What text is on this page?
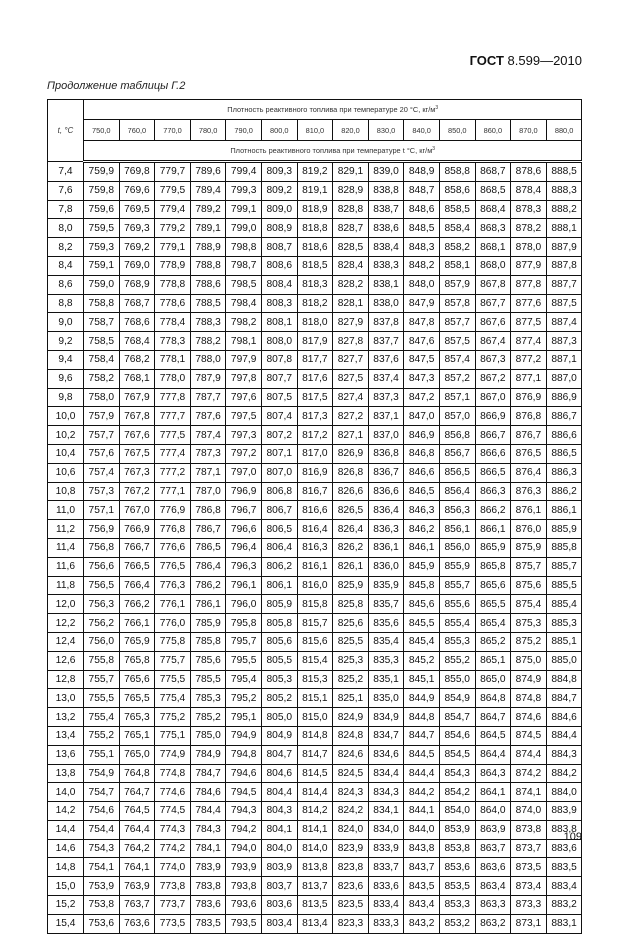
ГОСТ 8.599—2010
Продолжение таблицы Г.2
t, °C	Плотность реактивного топлива при температуре 20 °С, $кг/м^3$
	750,0	760,0	770,0	780,0	790,0	800,0	810,0	820,0	830,0	840,0	850,0	860,0	870,0	880,0
	Плотность реактивного топлива при температуре t °С, $кг/м^3$
7,4	759,9	769,8	779,7	789,6	799,4	809,3	819,2	829,1	839,0	848,9	858,8	868,7	878,6	888,5
7,6	759,8	769,6	779,5	789,4	799,3	809,2	819,1	828,9	838,8	848,7	858,6	868,5	878,4	888,3
7,8	759,6	769,5	779,4	789,2	799,1	809,0	818,9	828,8	838,7	848,6	858,5	868,4	878,3	888,2
8,0	759,5	769,3	779,2	789,1	799,0	808,9	818,8	828,7	838,6	848,5	858,4	868,3	878,2	888,1
8,2	759,3	769,2	779,1	788,9	798,8	808,7	818,6	828,5	838,4	848,3	858,2	868,1	878,0	887,9
8,4	759,1	769,0	778,9	788,8	798,7	808,6	818,5	828,4	838,3	848,2	858,1	868,0	877,9	887,8
8,6	759,0	768,9	778,8	788,6	798,5	808,4	818,3	828,2	838,1	848,0	857,9	867,8	877,8	887,7
8,8	758,8	768,7	778,6	788,5	798,4	808,3	818,2	828,1	838,0	847,9	857,8	867,7	877,6	887,5
9,0	758,7	768,6	778,4	788,3	798,2	808,1	818,0	827,9	837,8	847,8	857,7	867,6	877,5	887,4
9,2	758,5	768,4	778,3	788,2	798,1	808,0	817,9	827,8	837,7	847,6	857,5	867,4	877,4	887,3
9,4	758,4	768,2	778,1	788,0	797,9	807,8	817,7	827,7	837,6	847,5	857,4	867,3	877,2	887,1
9,6	758,2	768,1	778,0	787,9	797,8	807,7	817,6	827,5	837,4	847,3	857,2	867,2	877,1	887,0
9,8	758,0	767,9	777,8	787,7	797,6	807,5	817,5	827,4	837,3	847,2	857,1	867,0	876,9	886,9
10,0	757,9	767,8	777,7	787,6	797,5	807,4	817,3	827,2	837,1	847,0	857,0	866,9	876,8	886,7
10,2	757,7	767,6	777,5	787,4	797,3	807,2	817,2	827,1	837,0	846,9	856,8	866,7	876,7	886,6
10,4	757,6	767,5	777,4	787,3	797,2	807,1	817,0	826,9	836,8	846,8	856,7	866,6	876,5	886,5
10,6	757,4	767,3	777,2	787,1	797,0	807,0	816,9	826,8	836,7	846,6	856,5	866,5	876,4	886,3
10,8	757,3	767,2	777,1	787,0	796,9	806,8	816,7	826,6	836,6	846,5	856,4	866,3	876,3	886,2
11,0	757,1	767,0	776,9	786,8	796,7	806,7	816,6	826,5	836,4	846,3	856,3	866,2	876,1	886,1
11,2	756,9	766,9	776,8	786,7	796,6	806,5	816,4	826,4	836,3	846,2	856,1	866,1	876,0	885,9
11,4	756,8	766,7	776,6	786,5	796,4	806,4	816,3	826,2	836,1	846,1	856,0	865,9	875,9	885,8
11,6	756,6	766,5	776,5	786,4	796,3	806,2	816,1	826,1	836,0	845,9	855,9	865,8	875,7	885,7
11,8	756,5	766,4	776,3	786,2	796,1	806,1	816,0	825,9	835,9	845,8	855,7	865,6	875,6	885,5
12,0	756,3	766,2	776,1	786,1	796,0	805,9	815,8	825,8	835,7	845,6	855,6	865,5	875,4	885,4
12,2	756,2	766,1	776,0	785,9	795,8	805,8	815,7	825,6	835,6	845,5	855,4	865,4	875,3	885,3
12,4	756,0	765,9	775,8	785,8	795,7	805,6	815,6	825,5	835,4	845,4	855,3	865,2	875,2	885,1
12,6	755,8	765,8	775,7	785,6	795,5	805,5	815,4	825,3	835,3	845,2	855,2	865,1	875,0	885,0
12,8	755,7	765,6	775,5	785,5	795,4	805,3	815,3	825,2	835,1	845,1	855,0	865,0	874,9	884,8
13,0	755,5	765,5	775,4	785,3	795,2	805,2	815,1	825,1	835,0	844,9	854,9	864,8	874,8	884,7
13,2	755,4	765,3	775,2	785,2	795,1	805,0	815,0	824,9	834,9	844,8	854,7	864,7	874,6	884,6
13,4	755,2	765,1	775,1	785,0	794,9	804,9	814,8	824,8	834,7	844,7	854,6	864,5	874,5	884,4
13,6	755,1	765,0	774,9	784,9	794,8	804,7	814,7	824,6	834,6	844,5	854,5	864,4	874,4	884,3
13,8	754,9	764,8	774,8	784,7	794,6	804,6	814,5	824,5	834,4	844,4	854,3	864,3	874,2	884,2
14,0	754,7	764,7	774,6	784,6	794,5	804,4	814,4	824,3	834,3	844,2	854,2	864,1	874,1	884,0
14,2	754,6	764,5	774,5	784,4	794,3	804,3	814,2	824,2	834,1	844,1	854,0	864,0	874,0	883,9
14,4	754,4	764,4	774,3	784,3	794,2	804,1	814,1	824,0	834,0	844,0	853,9	863,9	873,8	883,8
14,6	754,3	764,2	774,2	784,1	794,0	804,0	814,0	823,9	833,9	843,8	853,8	863,7	873,7	883,6
14,8	754,1	764,1	774,0	783,9	793,9	803,9	813,8	823,8	833,7	843,7	853,6	863,6	873,5	883,5
15,0	753,9	763,9	773,8	783,8	793,8	803,7	813,7	823,6	833,6	843,5	853,5	863,4	873,4	883,4
15,2	753,8	763,7	773,7	783,6	793,6	803,6	813,5	823,5	833,4	843,4	853,3	863,3	873,3	883,2
15,4	753,6	763,6	773,5	783,5	793,5	803,4	813,4	823,3	833,3	843,2	853,2	863,2	873,1	883,1
109
